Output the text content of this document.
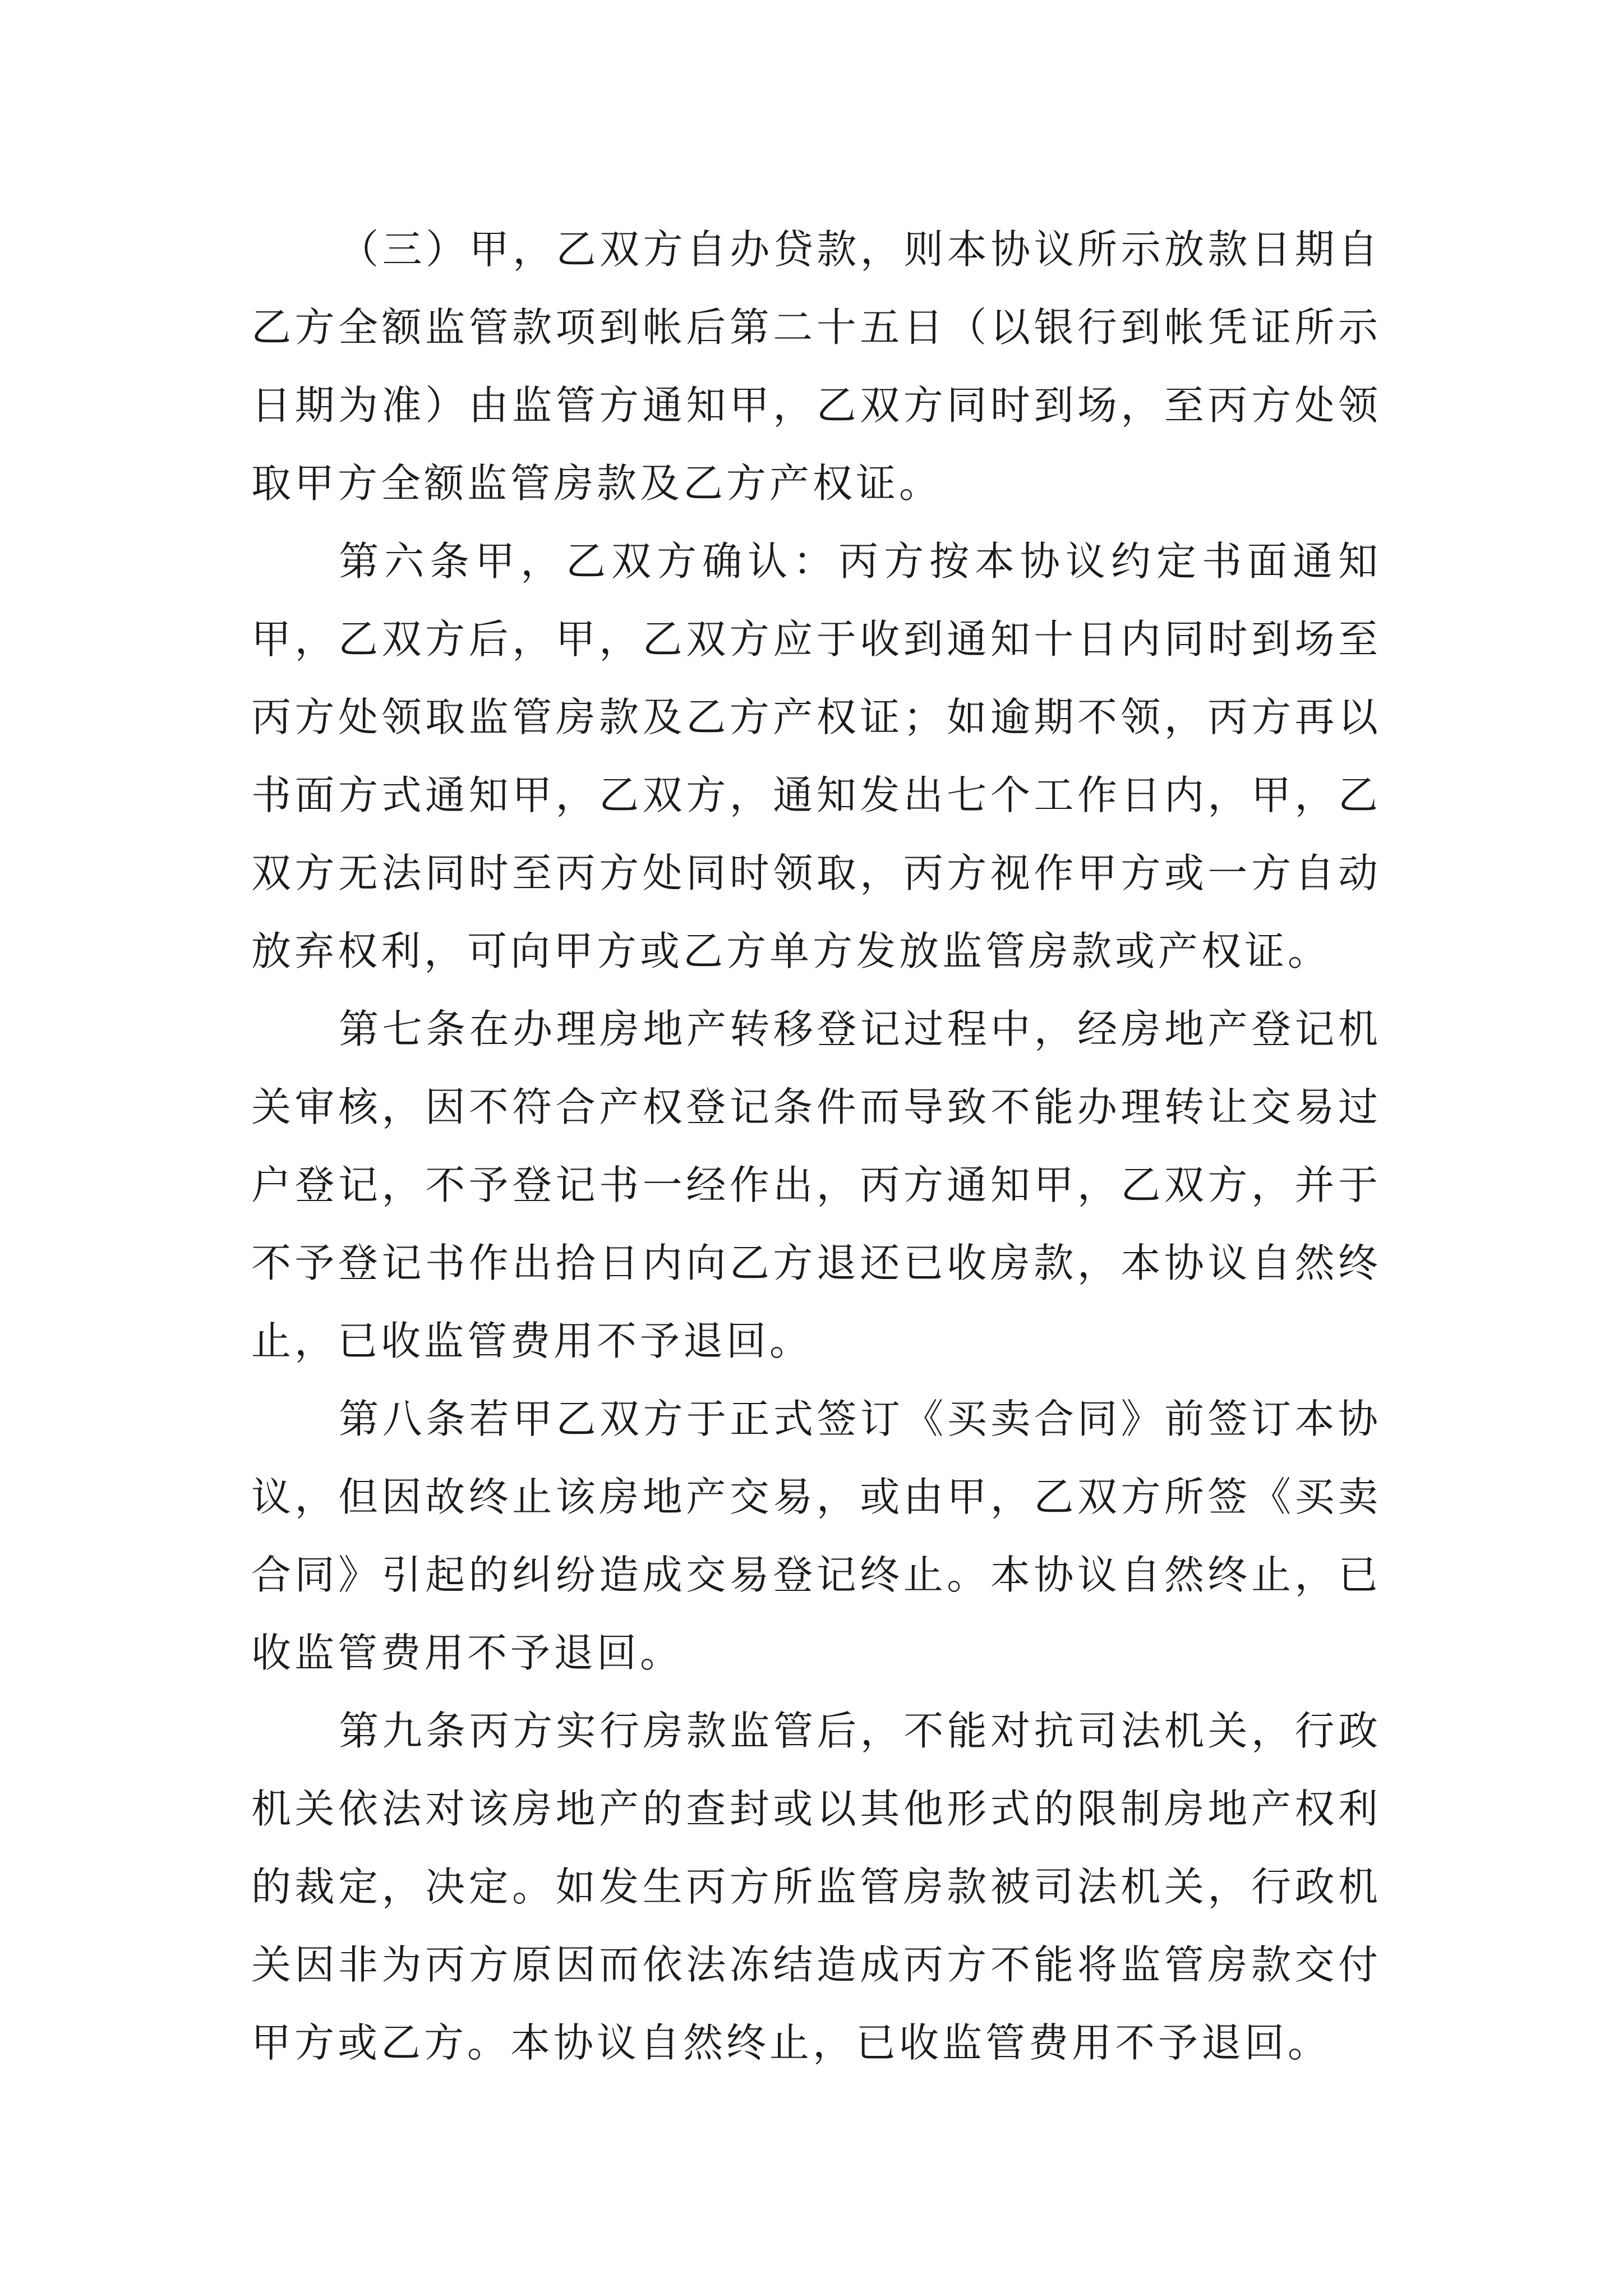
（三）甲，乙双方自办贷款，则本协议所示放款日期自乙方全额监管款项到帐后第二十五日（以银行到帐凭证所示日期为准）由监管方通知甲，乙双方同时到场，至丙方处领取甲方全额监管房款及乙方产权证。

第六条甲，乙双方确认：丙方按本协议约定书面通知甲，乙双方后，甲，乙双方应于收到通知十日内同时到场至丙方处领取监管房款及乙方产权证；如逾期不领，丙方再以书面方式通知甲，乙双方，通知发出七个工作日内，甲，乙双方无法同时至丙方处同时领取，丙方视作甲方或一方自动放弃权利，可向甲方或乙方单方发放监管房款或产权证。

第七条在办理房地产转移登记过程中，经房地产登记机关审核，因不符合产权登记条件而导致不能办理转让交易过户登记，不予登记书一经作出，丙方通知甲，乙双方，并于不予登记书作出拾日内向乙方退还已收房款，本协议自然终止，已收监管费用不予退回。

第八条若甲乙双方于正式签订《买卖合同》前签订本协议，但因故终止该房地产交易，或由甲，乙双方所签《买卖合同》引起的纠纷造成交易登记终止。本协议自然终止，已收监管费用不予退回。

第九条丙方实行房款监管后，不能对抗司法机关，行政机关依法对该房地产的查封或以其他形式的限制房地产权利的裁定，决定。如发生丙方所监管房款被司法机关，行政机关因非为丙方原因而依法冻结造成丙方不能将监管房款交付甲方或乙方。本协议自然终止，已收监管费用不予退回。
